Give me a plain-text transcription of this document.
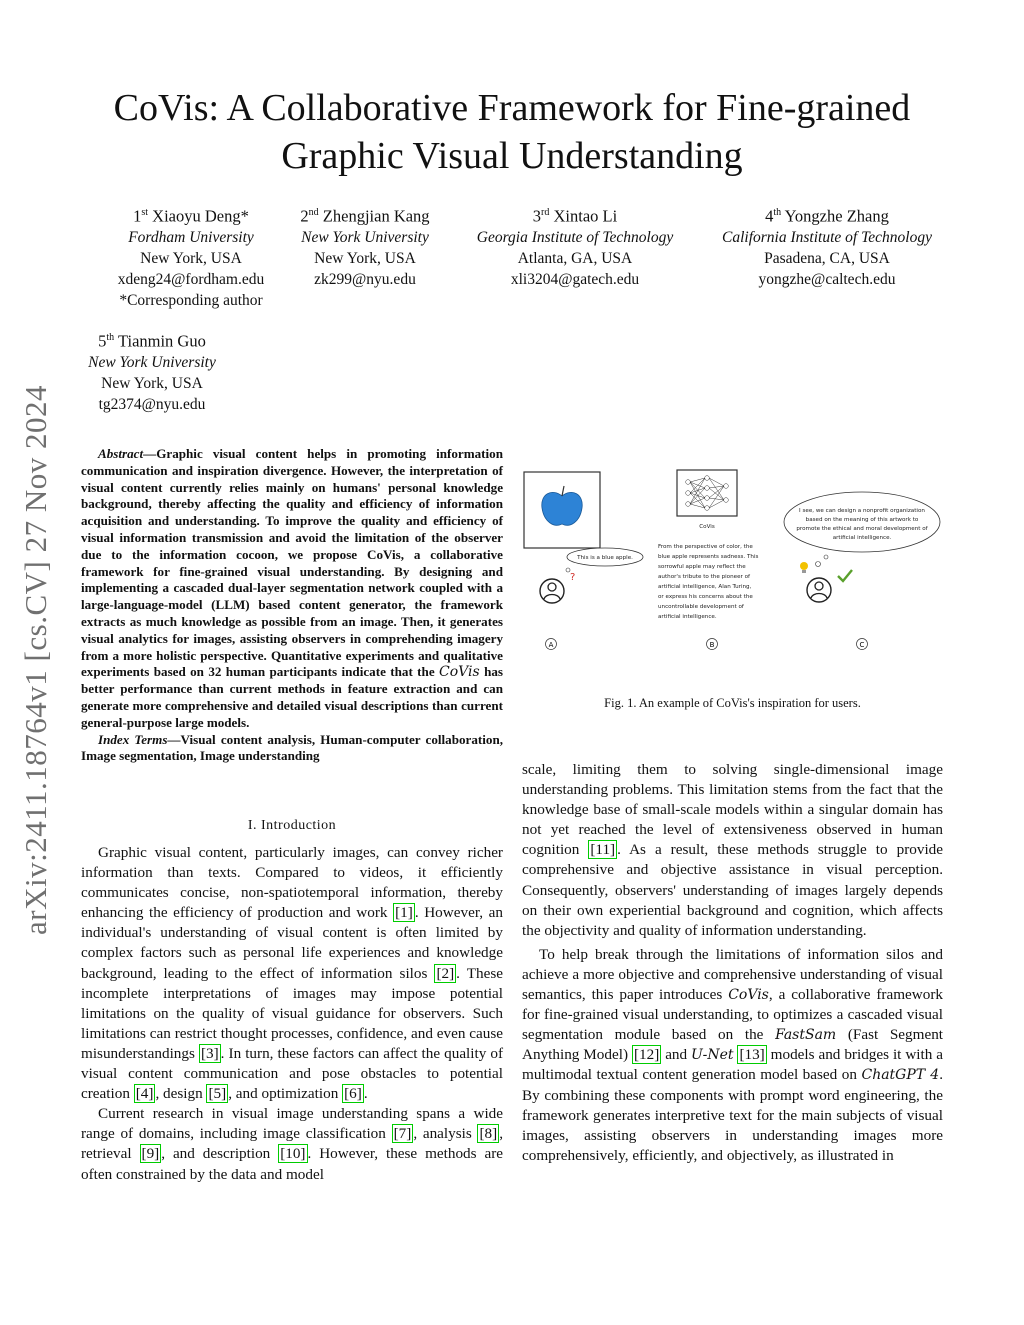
arXiv:2411.18764v1 [cs.CV] 27 Nov 2024
CoVis: A Collaborative Framework for Fine-grained
Graphic Visual Understanding
1st Xiaoyu Deng*
Fordham University
New York, USA
xdeng24@fordham.edu
*Corresponding author
2nd Zhengjian Kang
New York University
New York, USA
zk299@nyu.edu
3rd Xintao Li
Georgia Institute of Technology
Atlanta, GA, USA
xli3204@gatech.edu
4th Yongzhe Zhang
California Institute of Technology
Pasadena, CA, USA
yongzhe@caltech.edu
5th Tianmin Guo
New York University
New York, USA
tg2374@nyu.edu
Abstract—Graphic visual content helps in promoting information communication and inspiration divergence. However, the interpretation of visual content currently relies mainly on humans' personal knowledge background, thereby affecting the quality and efficiency of information acquisition and understanding. To improve the quality and efficiency of visual information transmission and avoid the limitation of the observer due to the information cocoon, we propose CoVis, a collaborative framework for fine-grained visual understanding. By designing and implementing a cascaded dual-layer segmentation network coupled with a large-language-model (LLM) based content generator, the framework extracts as much knowledge as possible from an image. Then, it generates visual analytics for images, assisting observers in comprehending imagery from a more holistic perspective. Quantitative experiments and qualitative experiments based on 32 human participants indicate that the CoVis has better performance than current methods in feature extraction and can generate more comprehensive and detailed visual descriptions than current general-purpose large models.
Index Terms—Visual content analysis, Human-computer collaboration, Image segmentation, Image understanding
I. Introduction

Graphic visual content, particularly images, can convey richer information than texts. Compared to videos, it efficiently communicates concise, non-spatiotemporal information, thereby enhancing the efficiency of production and work [1] . However, an individual's understanding of visual content is often limited by complex factors such as personal life experiences and knowledge background, leading to the effect of information silos [2] . These incomplete interpretations of images may impose potential limitations on the quality of visual guidance for observers. Such limitations can restrict thought processes, confidence, and even cause misunderstandings [3] . In turn, these factors can affect the quality of visual content communication and pose obstacles to potential creation [4] , design [5] , and optimization [6] .

Current research in visual image understanding spans a wide range of domains, including image classification [7] , analysis [8] , retrieval [9] , and description [10] . However, these methods are often constrained by the data and model

This is a blue apple.
?
CoVis
From the perspective of color, the
blue apple represents sadness. This
sorrowful apple may reflect the
author's tribute to the pioneer of
artificial intelligence, Alan Turing,
or express his concerns about the
uncontrollable development of
artificial intelligence.
I see, we can design a nonprofit organization
based on the meaning of this artwork to
promote the ethical and moral development of
artificial intelligence.
A	B	C
Fig. 1. An example of CoVis's inspiration for users.

scale, limiting them to solving single-dimensional image understanding problems. This limitation stems from the fact that the knowledge base of small-scale models within a singular domain has not yet reached the level of extensiveness observed in human cognition [11] . As a result, these methods struggle to provide comprehensive and objective assistance in visual perception. Consequently, observers' understanding of images largely depends on their own experiential background and cognition, which affects the objectivity and quality of information understanding.

To help break through the limitations of information silos and achieve a more objective and comprehensive understanding of visual semantics, this paper introduces CoVis, a collaborative framework for fine-grained visual understanding, to optimizes a cascaded visual segmentation module based on the FastSam (Fast Segment Anything Model) [12] and U-Net [13] models and bridges it with a multimodal textual content generation model based on ChatGPT 4. By combining these components with prompt word engineering, the framework generates interpretive text for the main subjects of visual images, assisting observers in understanding images more comprehensively, efficiently, and objectively, as illustrated in
